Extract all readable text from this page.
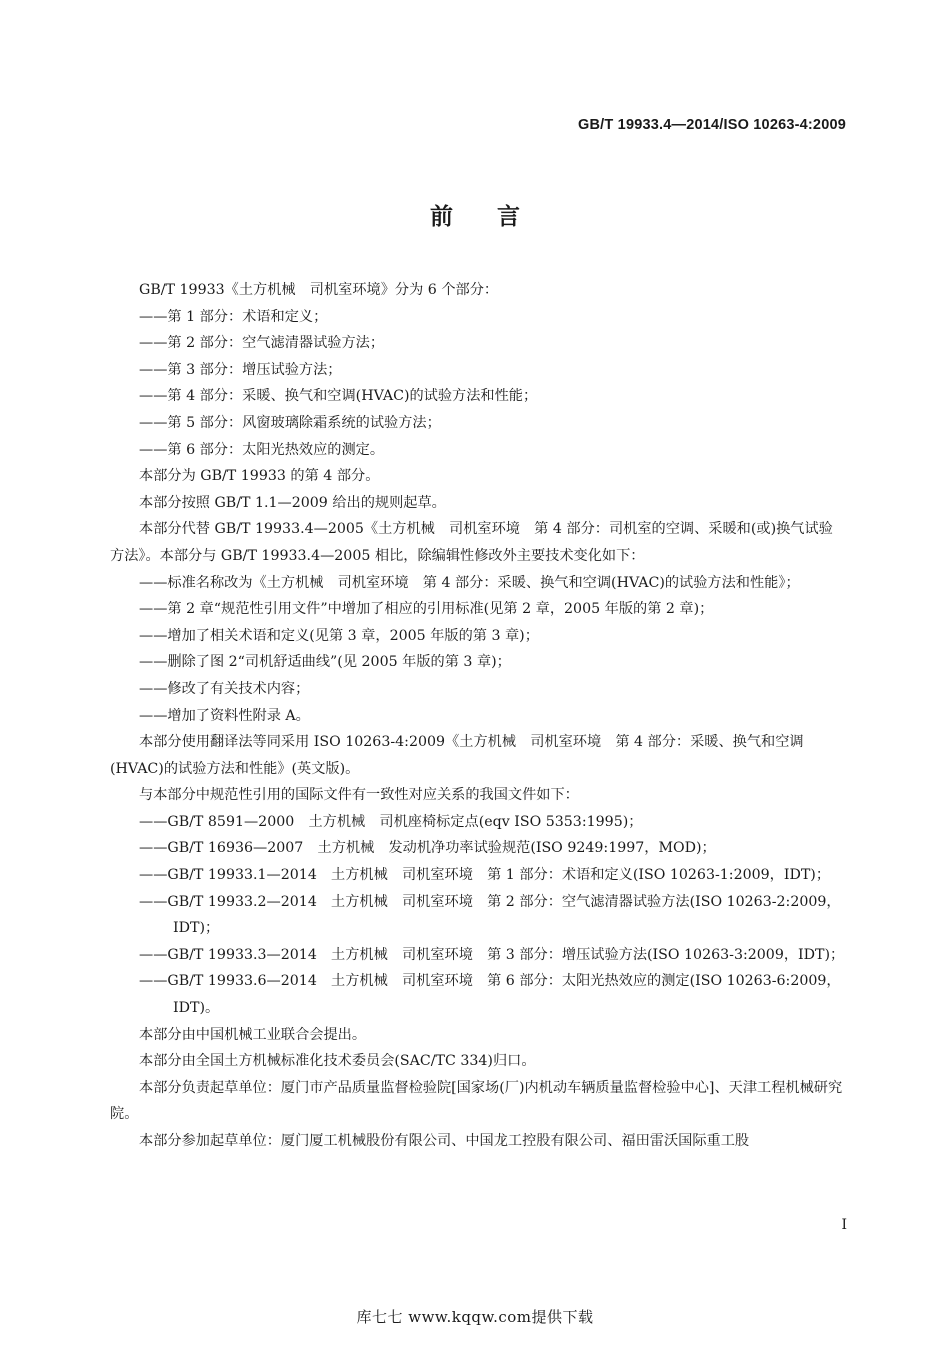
GB/T 19933.4—2014/ISO 10263-4:2009
前言
GB/T 19933《土方机械　司机室环境》分为 6 个部分：
——第 1 部分：术语和定义；
——第 2 部分：空气滤清器试验方法；
——第 3 部分：增压试验方法；
——第 4 部分：采暖、换气和空调(HVAC)的试验方法和性能；
——第 5 部分：风窗玻璃除霜系统的试验方法；
——第 6 部分：太阳光热效应的测定。
本部分为 GB/T 19933 的第 4 部分。
本部分按照 GB/T 1.1—2009 给出的规则起草。
本部分代替 GB/T 19933.4—2005《土方机械　司机室环境　第 4 部分：司机室的空调、采暖和(或)换气试验方法》。本部分与 GB/T 19933.4—2005 相比，除编辑性修改外主要技术变化如下：
——标准名称改为《土方机械　司机室环境　第 4 部分：采暖、换气和空调(HVAC)的试验方法和性能》；
——第 2 章“规范性引用文件”中增加了相应的引用标准(见第 2 章，2005 年版的第 2 章)；
——增加了相关术语和定义(见第 3 章，2005 年版的第 3 章)；
——删除了图 2“司机舒适曲线”(见 2005 年版的第 3 章)；
——修改了有关技术内容；
——增加了资料性附录 A。
本部分使用翻译法等同采用 ISO 10263-4:2009《土方机械　司机室环境　第 4 部分：采暖、换气和空调(HVAC)的试验方法和性能》(英文版)。
与本部分中规范性引用的国际文件有一致性对应关系的我国文件如下：
——GB/T 8591—2000　土方机械　司机座椅标定点(eqv ISO 5353:1995)；
——GB/T 16936—2007　土方机械　发动机净功率试验规范(ISO 9249:1997，MOD)；
——GB/T 19933.1—2014　土方机械　司机室环境　第 1 部分：术语和定义(ISO 10263-1:2009，IDT)；
——GB/T 19933.2—2014　土方机械　司机室环境　第 2 部分：空气滤清器试验方法(ISO 10263-2:2009，IDT)；
——GB/T 19933.3—2014　土方机械　司机室环境　第 3 部分：增压试验方法(ISO 10263-3:2009，IDT)；
——GB/T 19933.6—2014　土方机械　司机室环境　第 6 部分：太阳光热效应的测定(ISO 10263-6:2009，IDT)。
本部分由中国机械工业联合会提出。
本部分由全国土方机械标准化技术委员会(SAC/TC 334)归口。
本部分负责起草单位：厦门市产品质量监督检验院[国家场(厂)内机动车辆质量监督检验中心]、天津工程机械研究院。
本部分参加起草单位：厦门厦工机械股份有限公司、中国龙工控股有限公司、福田雷沃国际重工股
I
库七七 www.kqqw.com提供下载
